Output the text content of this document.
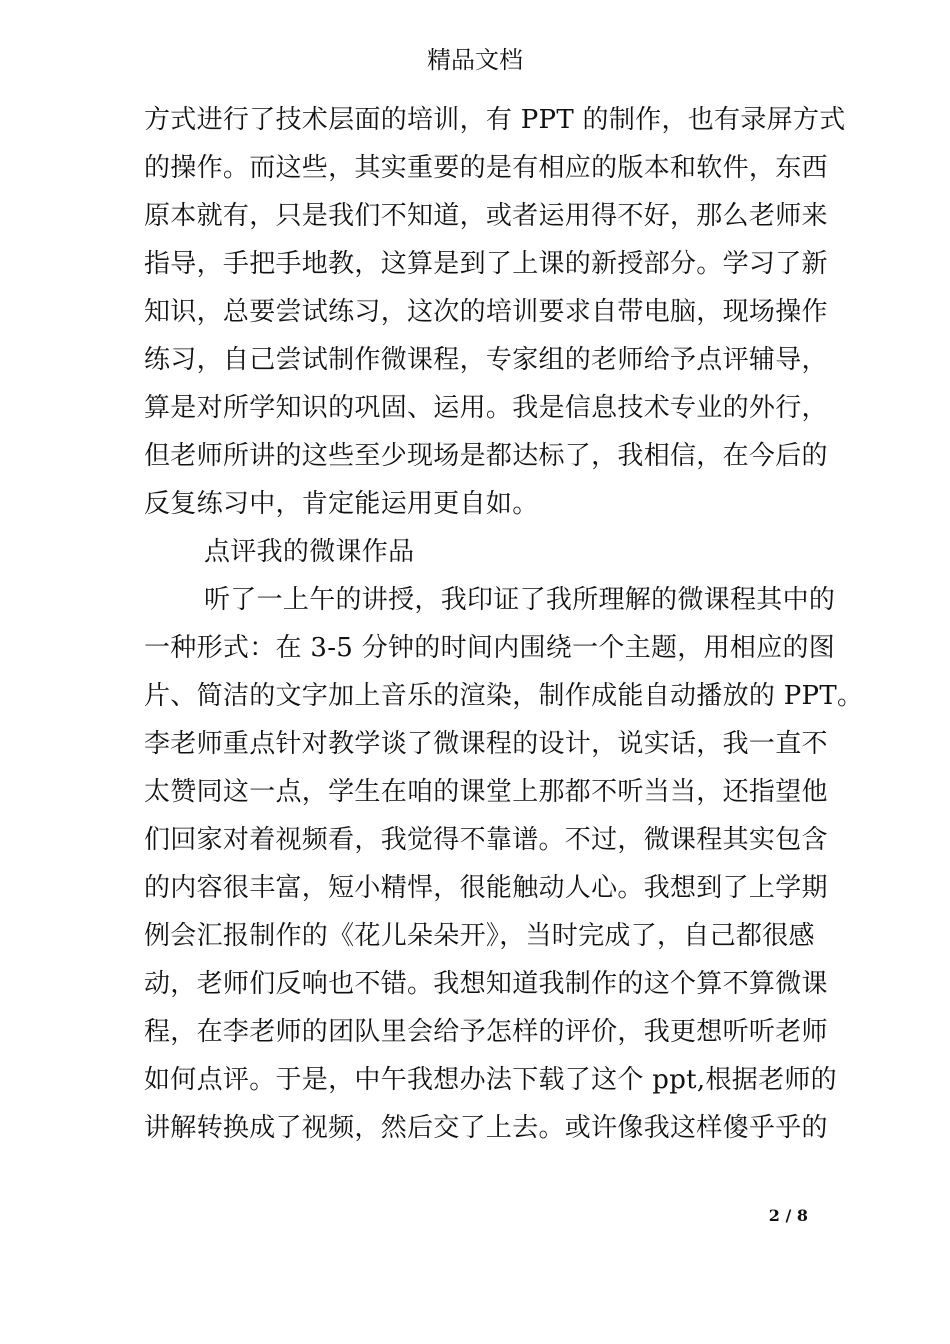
精品文档
方式进行了技术层面的培训，有 PPT 的制作，也有录屏方式
的操作。而这些，其实重要的是有相应的版本和软件，东西
原本就有，只是我们不知道，或者运用得不好，那么老师来
指导，手把手地教，这算是到了上课的新授部分。学习了新
知识，总要尝试练习，这次的培训要求自带电脑，现场操作
练习，自己尝试制作微课程，专家组的老师给予点评辅导，
算是对所学知识的巩固、运用。我是信息技术专业的外行，
但老师所讲的这些至少现场是都达标了，我相信，在今后的
反复练习中，肯定能运用更自如。
点评我的微课作品
听了一上午的讲授，我印证了我所理解的微课程其中的
一种形式：在 3-5 分钟的时间内围绕一个主题，用相应的图
片、简洁的文字加上音乐的渲染，制作成能自动播放的 PPT。
李老师重点针对教学谈了微课程的设计，说实话，我一直不
太赞同这一点，学生在咱的课堂上那都不听当当，还指望他
们回家对着视频看，我觉得不靠谱。不过，微课程其实包含
的内容很丰富，短小精悍，很能触动人心。我想到了上学期
例会汇报制作的《花儿朵朵开》，当时完成了，自己都很感
动，老师们反响也不错。我想知道我制作的这个算不算微课
程，在李老师的团队里会给予怎样的评价，我更想听听老师
如何点评。于是，中午我想办法下载了这个 ppt,根据老师的
讲解转换成了视频，然后交了上去。或许像我这样傻乎乎的
2 / 8
